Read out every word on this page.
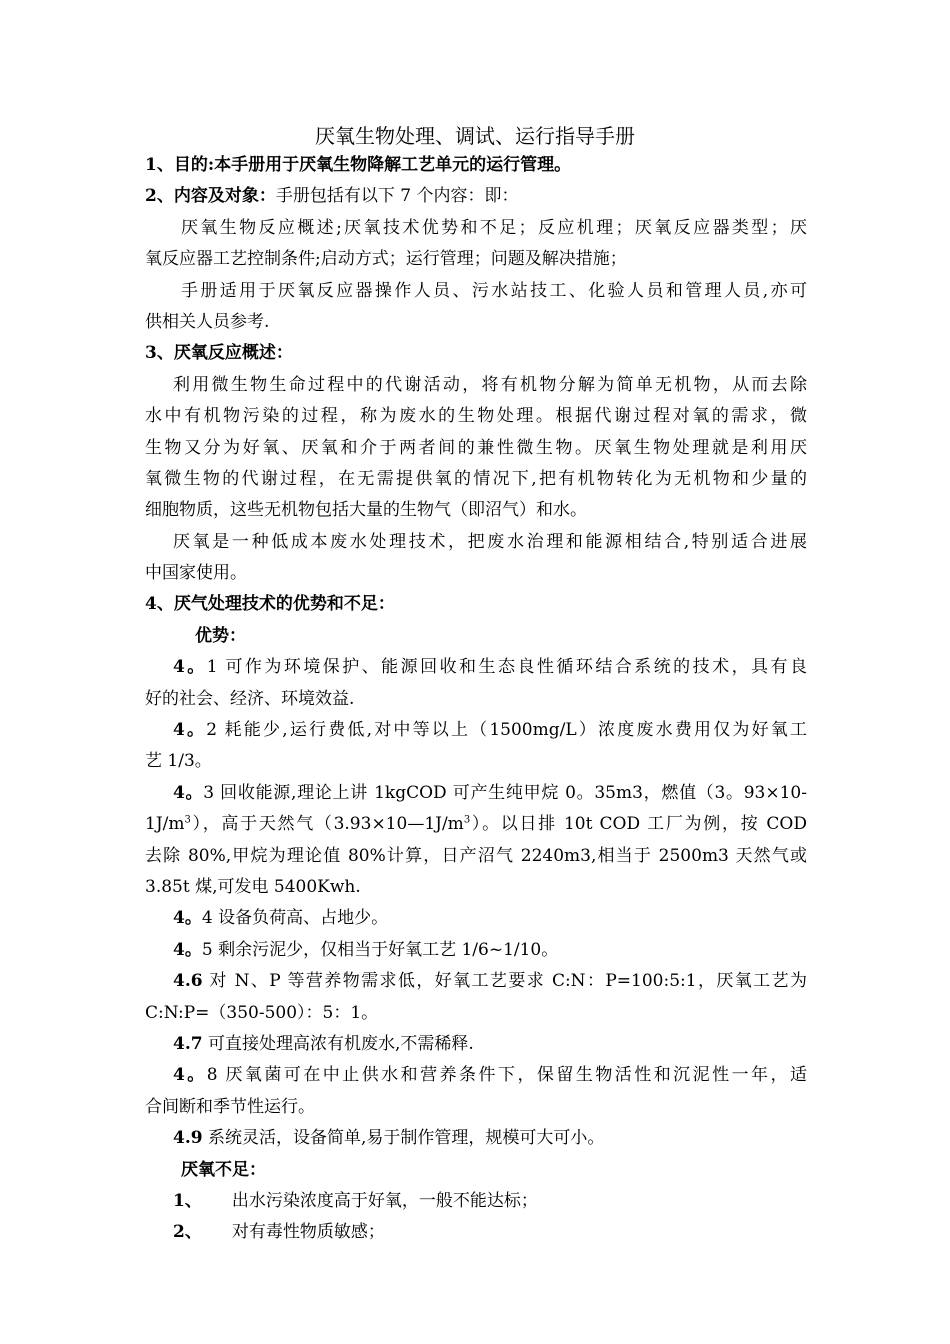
厌氧生物处理、调试、运行指导手册
1、目的:本手册用于厌氧生物降解工艺单元的运行管理。
2、内容及对象：手册包括有以下 7 个内容：即：
厌氧生物反应概述;厌氧技术优势和不足；反应机理；厌氧反应器类型；厌
氧反应器工艺控制条件;启动方式；运行管理；问题及解决措施；
手册适用于厌氧反应器操作人员、污水站技工、化验人员和管理人员,亦可
供相关人员参考.
3、厌氧反应概述：
利用微生物生命过程中的代谢活动，将有机物分解为简单无机物，从而去除
水中有机物污染的过程，称为废水的生物处理。根据代谢过程对氧的需求，微
生物又分为好氧、厌氧和介于两者间的兼性微生物。厌氧生物处理就是利用厌
氧微生物的代谢过程，在无需提供氧的情况下,把有机物转化为无机物和少量的
细胞物质，这些无机物包括大量的生物气（即沼气）和水。
厌氧是一种低成本废水处理技术，把废水治理和能源相结合,特别适合进展
中国家使用。
4、厌气处理技术的优势和不足：
优势：
4。1 可作为环境保护、能源回收和生态良性循环结合系统的技术，具有良
好的社会、经济、环境效益.
4。2 耗能少,运行费低,对中等以上（1500mg/L）浓度废水费用仅为好氧工
艺 1/3。
4。3 回收能源,理论上讲 1kgCOD 可产生纯甲烷 0。35m3，燃值（3。93×10-
$1J/m^3$），高于天然气$(3.93\times 10—1J/m^3)$。以日排 10t COD 工厂为例，按 COD
去除 80%,甲烷为理论值 80%计算，日产沼气 2240m3,相当于 2500m3 天然气或
3.85t 煤,可发电 5400Kwh.
4。4 设备负荷高、占地少。
4。5 剩余污泥少，仅相当于好氧工艺 1/6~1/10。
4.6 对 N、P 等营养物需求低，好氧工艺要求 C:N：P=100:5:1，厌氧工艺为
C:N:P=（350-500）：5：1。
4.7 可直接处理高浓有机废水,不需稀释.
4。8 厌氧菌可在中止供水和营养条件下，保留生物活性和沉泥性一年，适
合间断和季节性运行。
4.9 系统灵活，设备简单,易于制作管理，规模可大可小。
厌氧不足：
1、 出水污染浓度高于好氧，一般不能达标；
2、 对有毒性物质敏感；
